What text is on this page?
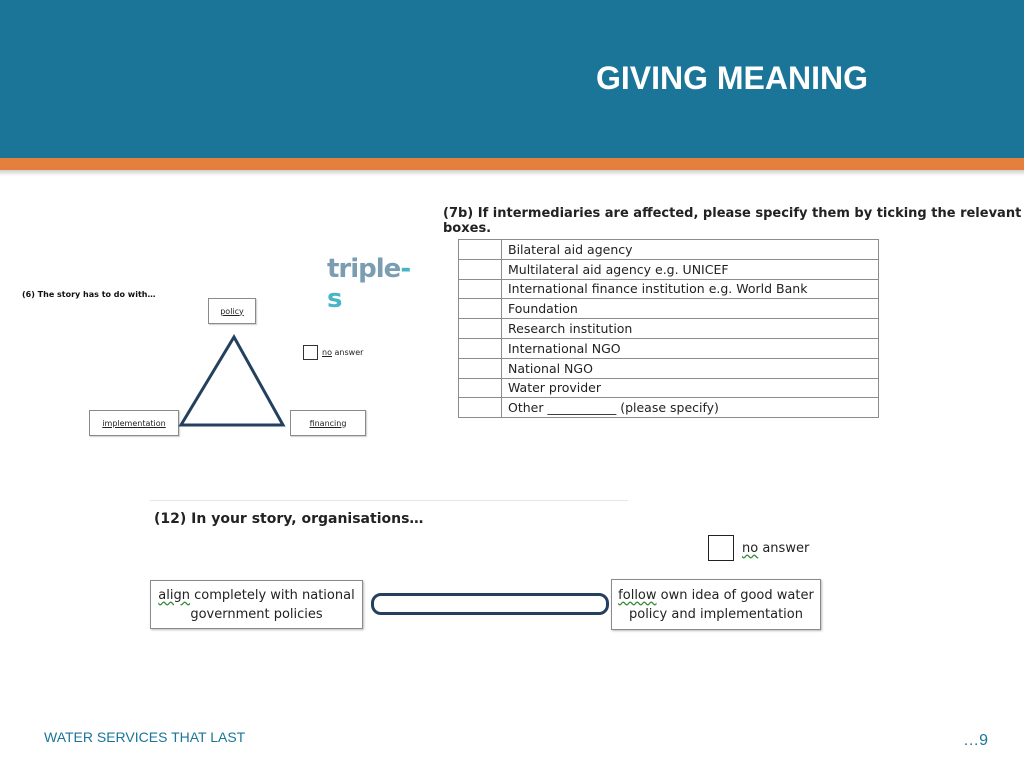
GIVING MEANING
triple-s
(6) The story has to do with…
policy
implementation	financing
no answer
(7b) If intermediaries are affected, please specify them by ticking the relevant boxes.
	Bilateral aid agency
	Multilateral aid agency e.g. UNICEF
	International finance institution e.g. World Bank
	Foundation
	Research institution
	International NGO
	National NGO
	Water provider
	Other ___________ (please specify)
(12) In your story, organisations…
no answer
align completely with national
government policies
follow own idea of good water
policy and implementation
WATER SERVICES THAT LAST	…9
